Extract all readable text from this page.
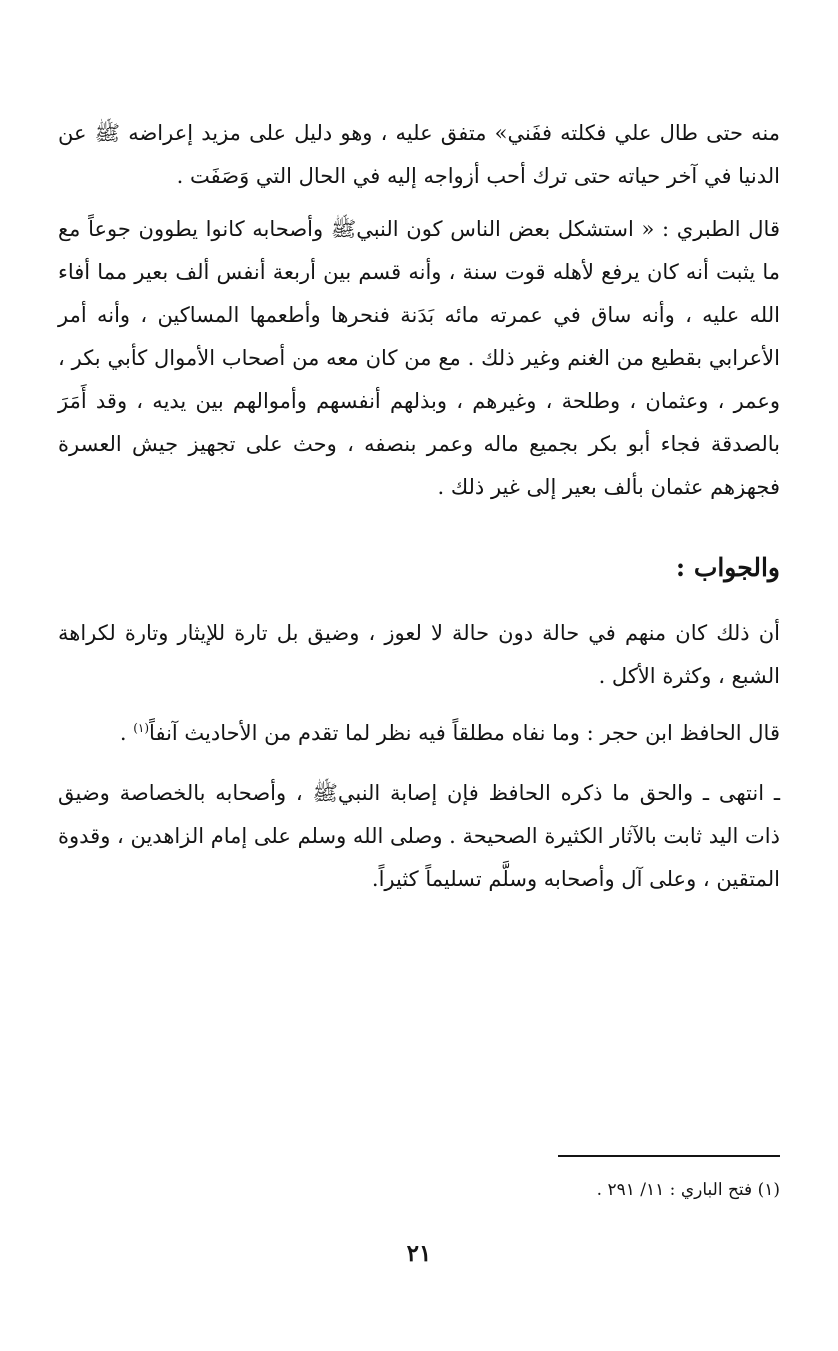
منه حتى طال علي فكلته ففَني» متفق عليه ، وهو دليل على مزيد إعراضه ﷺ عن الدنيا في آخر حياته حتى ترك أحب أزواجه إليه في الحال التي وَصَفَت .

قال الطبري : « استشكل بعض الناس كون النبيﷺ وأصحابه كانوا يطوون جوعاً مع ما يثبت أنه كان يرفع لأهله قوت سنة ، وأنه قسم بين أربعة أنفس ألف بعير مما أفاء الله عليه ، وأنه ساق في عمرته مائه بَدَنة فنحرها وأطعمها المساكين ، وأنه أمر الأعرابي بقطيع من الغنم وغير ذلك . مع من كان معه من أصحاب الأموال كأبي بكر ، وعمر ، وعثمان ، وطلحة ، وغيرهم ، وبذلهم أنفسهم وأموالهم بين يديه ، وقد أَمَرَ بالصدقة فجاء أبو بكر بجميع ماله وعمر بنصفه ، وحث على تجهيز جيش العسرة فجهزهم عثمان بألف بعير إلى غير ذلك .

والجواب :

أن ذلك كان منهم في حالة دون حالة لا لعوز ، وضيق بل تارة للإيثار وتارة لكراهة الشبع ، وكثرة الأكل .

قال الحافظ ابن حجر : وما نفاه مطلقاً فيه نظر لما تقدم من الأحاديث آنفاً$^{(١)}$ .

ـ انتهى ـ والحق ما ذكره الحافظ فإن إصابة النبيﷺ ، وأصحابه بالخصاصة وضيق ذات اليد ثابت بالآثار الكثيرة الصحيحة . وصلى الله وسلم على إمام الزاهدين ، وقدوة المتقين ، وعلى آل وأصحابه وسلَّم تسليماً كثيراً.

(١) فتح الباري : ١١/ ٢٩١ .
٢١
